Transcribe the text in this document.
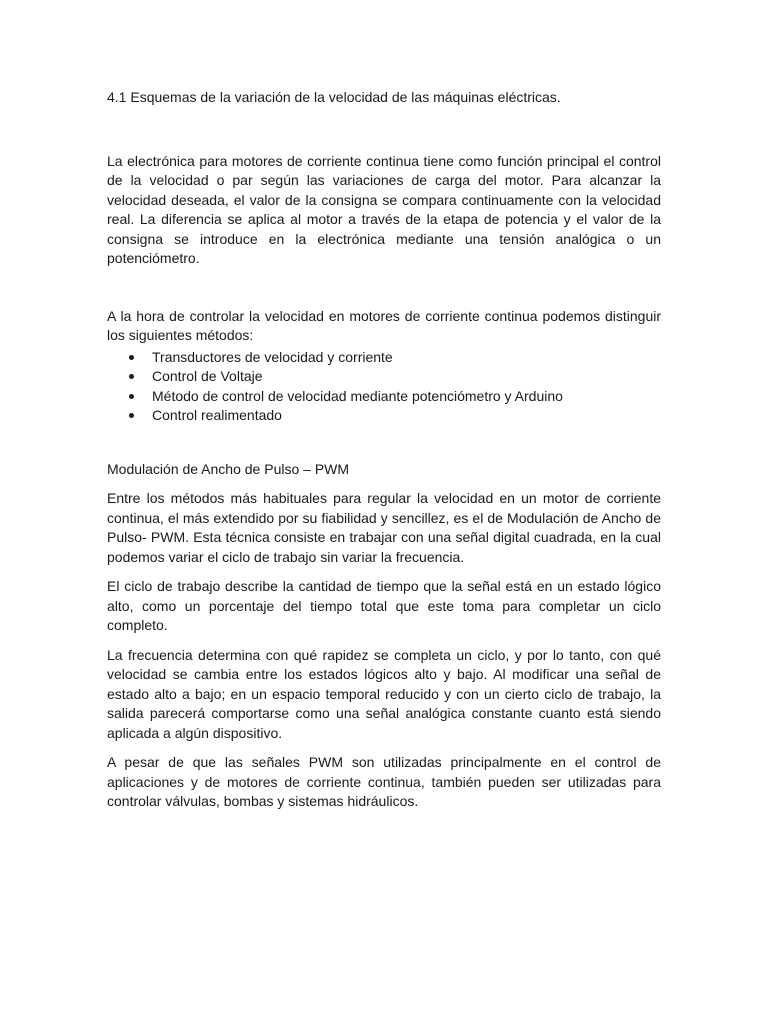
4.1 Esquemas de la variación de la velocidad de las máquinas eléctricas.

La electrónica para motores de corriente continua tiene como función principal el control de la velocidad o par según las variaciones de carga del motor. Para alcanzar la velocidad deseada, el valor de la consigna se compara continuamente con la velocidad real. La diferencia se aplica al motor a través de la etapa de potencia y el valor de la consigna se introduce en la electrónica mediante una tensión analógica o un potenciómetro.

A la hora de controlar la velocidad en motores de corriente continua podemos distinguir los siguientes métodos:

Transductores de velocidad y corriente
Control de Voltaje
Método de control de velocidad mediante potenciómetro y Arduino
Control realimentado
Modulación de Ancho de Pulso – PWM

Entre los métodos más habituales para regular la velocidad en un motor de corriente continua, el más extendido por su fiabilidad y sencillez, es el de Modulación de Ancho de Pulso- PWM. Esta técnica consiste en trabajar con una señal digital cuadrada, en la cual podemos variar el ciclo de trabajo sin variar la frecuencia.

El ciclo de trabajo describe la cantidad de tiempo que la señal está en un estado lógico alto, como un porcentaje del tiempo total que este toma para completar un ciclo completo.

La frecuencia determina con qué rapidez se completa un ciclo, y por lo tanto, con qué velocidad se cambia entre los estados lógicos alto y bajo. Al modificar una señal de estado alto a bajo; en un espacio temporal reducido y con un cierto ciclo de trabajo, la salida parecerá comportarse como una señal analógica constante cuanto está siendo aplicada a algún dispositivo.

A pesar de que las señales PWM son utilizadas principalmente en el control de aplicaciones y de motores de corriente continua, también pueden ser utilizadas para controlar válvulas, bombas y sistemas hidráulicos.
